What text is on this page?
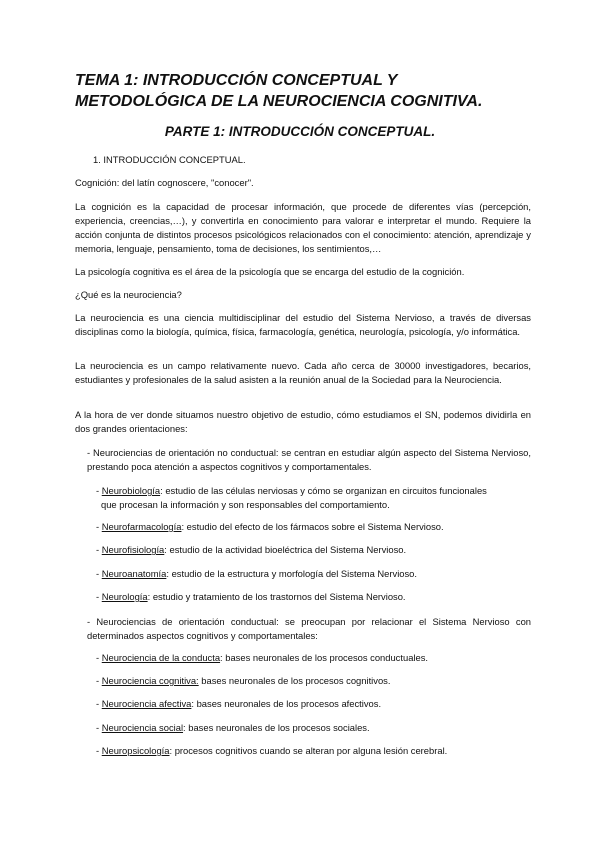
TEMA 1: INTRODUCCIÓN CONCEPTUAL Y
METODOLÓGICA DE LA NEUROCIENCIA COGNITIVA.
PARTE 1: INTRODUCCIÓN CONCEPTUAL.

1. INTRODUCCIÓN CONCEPTUAL.

Cognición: del latín cognoscere, "conocer".

La cognición es la capacidad de procesar información, que procede de diferentes vías (percepción, experiencia, creencias,…), y convertirla en conocimiento para valorar e interpretar el mundo. Requiere la acción conjunta de distintos procesos psicológicos relacionados con el conocimiento: atención, aprendizaje y memoria, lenguaje, pensamiento, toma de decisiones, los sentimientos,…

La psicología cognitiva es el área de la psicología que se encarga del estudio de la cognición.

¿Qué es la neurociencia?

La neurociencia es una ciencia multidisciplinar del estudio del Sistema Nervioso, a través de diversas disciplinas como la biología, química, física, farmacología, genética, neurología, psicología, y/o informática.

La neurociencia es un campo relativamente nuevo. Cada año cerca de 30000 investigadores, becarios, estudiantes y profesionales de la salud asisten a la reunión anual de la Sociedad para la Neurociencia.

A la hora de ver donde situamos nuestro objetivo de estudio, cómo estudiamos el SN, podemos dividirla en dos grandes orientaciones:

- Neurociencias de orientación no conductual: se centran en estudiar algún aspecto del Sistema Nervioso, prestando poca atención a aspectos cognitivos y comportamentales.

- Neurobiología: estudio de las células nerviosas y cómo se organizan en circuitos funcionales
que procesan la información y son responsables del comportamiento.

- Neurofarmacología: estudio del efecto de los fármacos sobre el Sistema Nervioso.

- Neurofisiología: estudio de la actividad bioeléctrica del Sistema Nervioso.

- Neuroanatomía: estudio de la estructura y morfología del Sistema Nervioso.

- Neurología: estudio y tratamiento de los trastornos del Sistema Nervioso.

- Neurociencias de orientación conductual: se preocupan por relacionar el Sistema Nervioso con determinados aspectos cognitivos y comportamentales:

- Neurociencia de la conducta: bases neuronales de los procesos conductuales.

- Neurociencia cognitiva: bases neuronales de los procesos cognitivos.

- Neurociencia afectiva: bases neuronales de los procesos afectivos.

- Neurociencia social: bases neuronales de los procesos sociales.

- Neuropsicología: procesos cognitivos cuando se alteran por alguna lesión cerebral.
